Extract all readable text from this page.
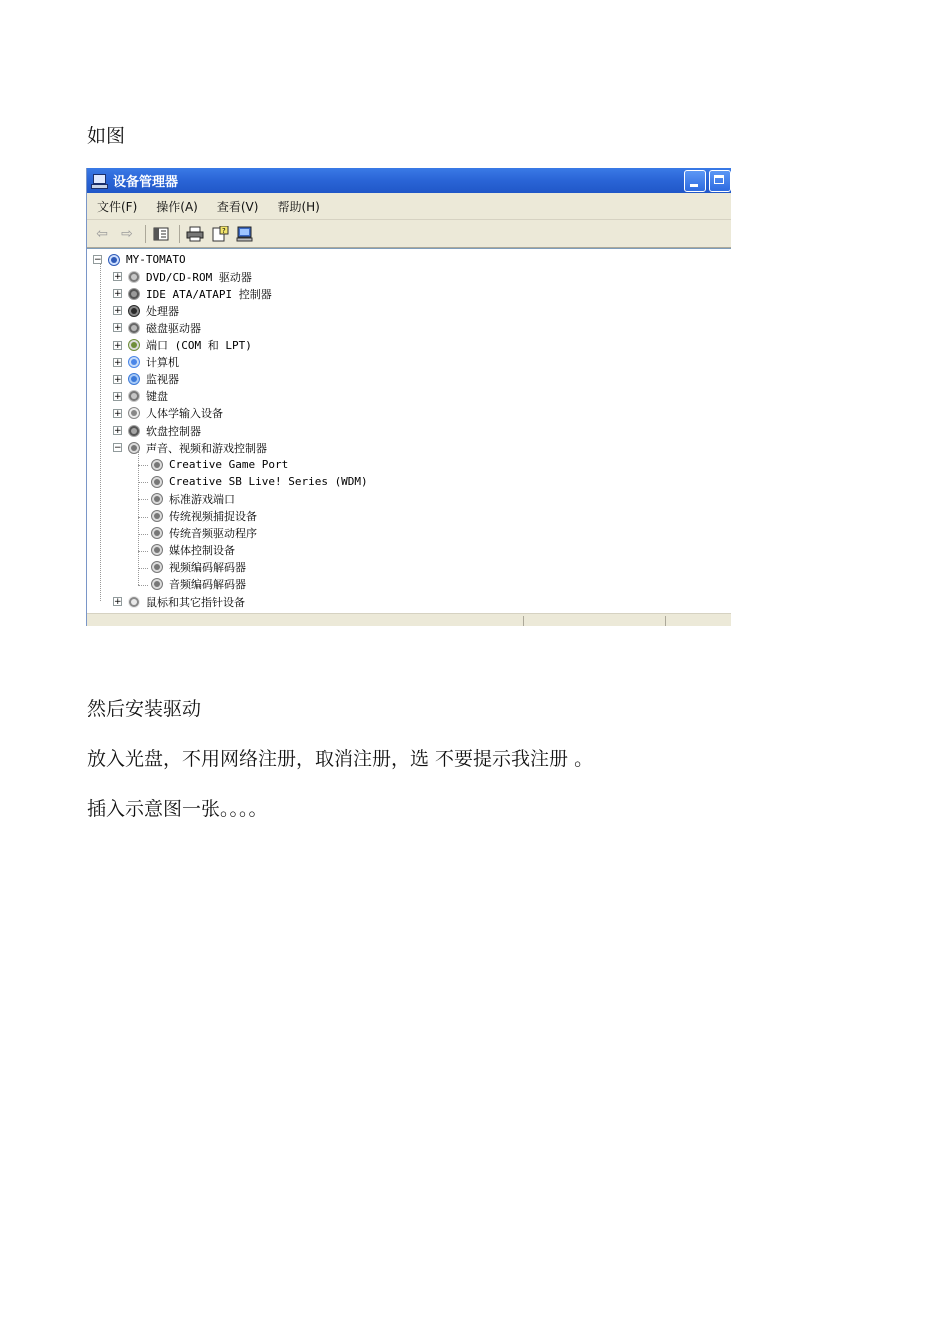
如图
设备管理器
文件(F)	操作(A)	查看(V)	帮助(H)
⇦ ⇨	?
− MY-TOMATO
+ DVD/CD-ROM 驱动器
+ IDE ATA/ATAPI 控制器
+ 处理器
+ 磁盘驱动器
+ 端口 (COM 和 LPT)
+ 计算机
+ 监视器
+ 键盘
+ 人体学输入设备
+ 软盘控制器
− 声音、视频和游戏控制器
Creative Game Port
Creative SB Live! Series (WDM)
标准游戏端口
传统视频捕捉设备
传统音频驱动程序
媒体控制设备
视频编码解码器
音频编码解码器
+ 鼠标和其它指针设备
然后安装驱动
放入光盘，不用网络注册，取消注册，选 不要提示我注册 。
插入示意图一张。。。。
